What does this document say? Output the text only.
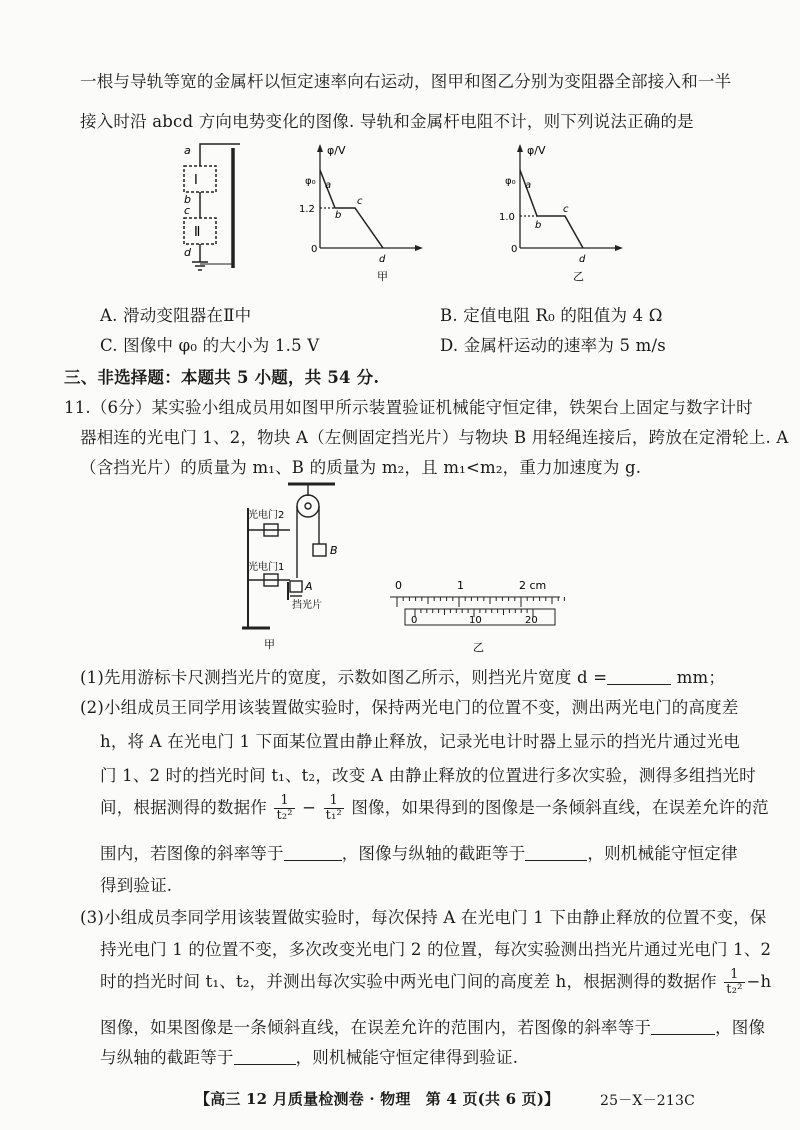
一根与导轨等宽的金属杆以恒定速率向右运动，图甲和图乙分别为变阻器全部接入和一半
接入时沿 abcd 方向电势变化的图像. 导轨和金属杆电阻不计，则下列说法正确的是
a
b
c
d
Ⅰ
Ⅱ
φ/V
φ₀ a
1.2
b
c
0
d
甲
φ/V
φ₀ a
1.0
b
c
0
d
乙
A. 滑动变阻器在Ⅱ中	B. 定值电阻 R₀ 的阻值为 4 Ω
C. 图像中 φ₀ 的大小为 1.5 V	D. 金属杆运动的速率为 5 m/s
三、非选择题：本题共 5 小题，共 54 分.
11.（6分）某实验小组成员用如图甲所示装置验证机械能守恒定律，铁架台上固定与数字计时
器相连的光电门 1、2，物块 A（左侧固定挡光片）与物块 B 用轻绳连接后，跨放在定滑轮上. A
（含挡光片）的质量为 m₁、B 的质量为 m₂，且 m₁<m₂，重力加速度为 g.
光电门2
光电门1
B
A
挡光片
甲
0	1	2 cm
0	10	20
乙
(1)先用游标卡尺测挡光片的宽度，示数如图乙所示，则挡光片宽度 d =	mm；
(2)小组成员王同学用该装置做实验时，保持两光电门的位置不变，测出两光电门的高度差
h，将 A 在光电门 1 下面某位置由静止释放，记录光电计时器上显示的挡光片通过光电
门 1、2 时的挡光时间 t₁、t₂，改变 A 由静止释放的位置进行多次实验，测得多组挡光时
间，根据测得的数据作 $\frac{1}{\text{t₂²}} - \frac{1}{\text{t₁²}}$ 图像，如果得到的图像是一条倾斜直线，在误差允许的范
围内，若图像的斜率等于	，图像与纵轴的截距等于	，则机械能守恒定律
得到验证.
(3)小组成员李同学用该装置做实验时，每次保持 A 在光电门 1 下由静止释放的位置不变，保
持光电门 1 的位置不变，多次改变光电门 2 的位置，每次实验测出挡光片通过光电门 1、2
时的挡光时间 t₁、t₂，并测出每次实验中两光电门间的高度差 h，根据测得的数据作 $\frac{1}{\text{t₂²}} -h$
图像，如果图像是一条倾斜直线，在误差允许的范围内，若图像的斜率等于	，图像
与纵轴的截距等于	，则机械能守恒定律得到验证.
【高三 12 月质量检测卷 · 物理　第 4 页(共 6 页)】	25－X－213C
